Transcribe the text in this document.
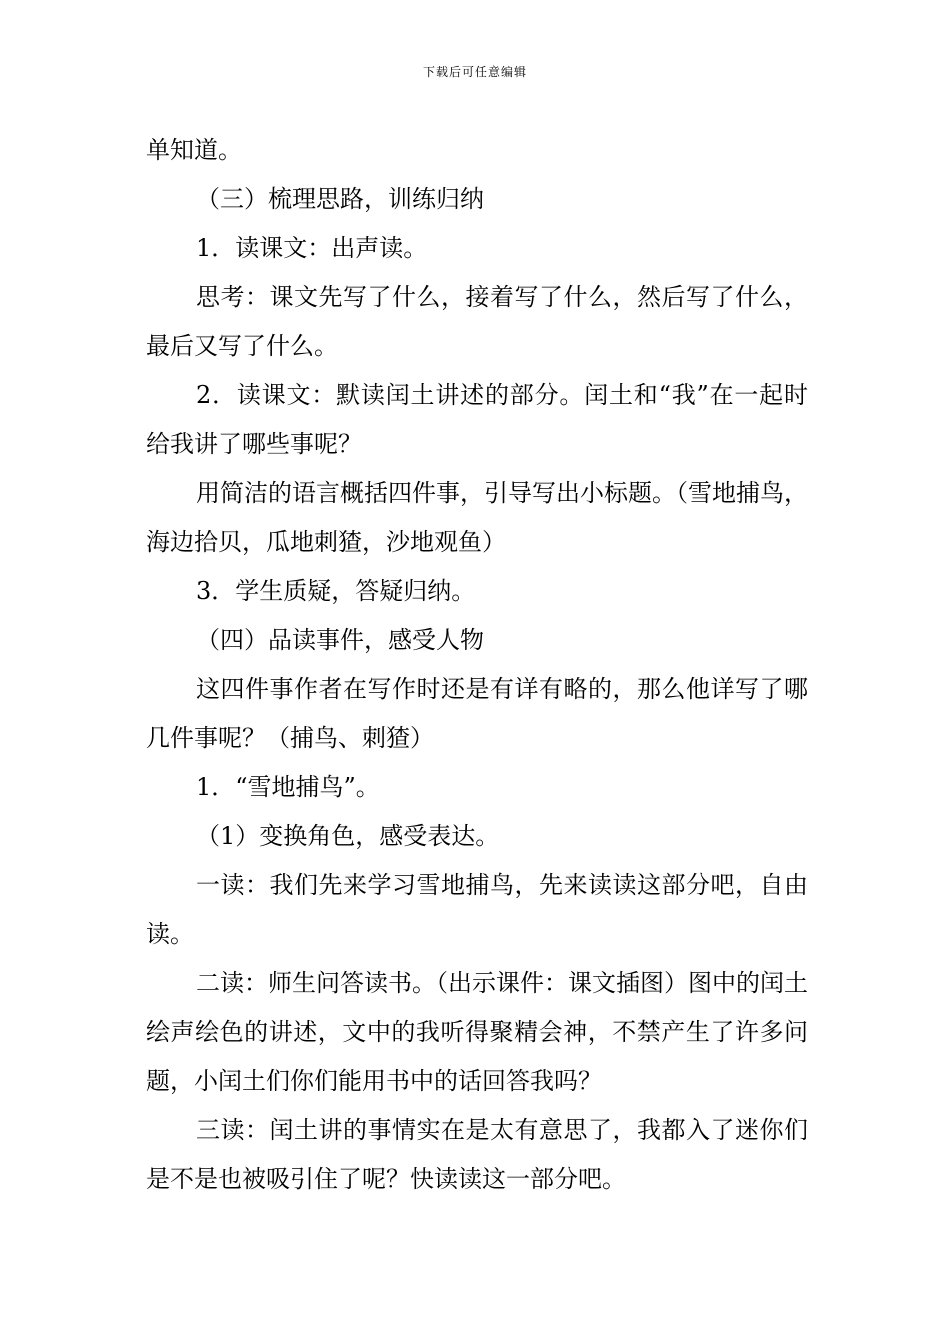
下载后可任意编辑

单知道。

（三）梳理思路，训练归纳

1．读课文：出声读。

思考：课文先写了什么，接着写了什么，然后写了什么，最后又写了什么。

2．读课文：默读闰土讲述的部分。闰土和“我”在一起时给我讲了哪些事呢？

用简洁的语言概括四件事，引导写出小标题。（雪地捕鸟，海边拾贝，瓜地刺猹，沙地观鱼）

3．学生质疑，答疑归纳。

（四）品读事件，感受人物

这四件事作者在写作时还是有详有略的，那么他详写了哪几件事呢？（捕鸟、刺猹）

1．“雪地捕鸟”。

（1）变换角色，感受表达。

一读：我们先来学习雪地捕鸟，先来读读这部分吧，自由读。

二读：师生问答读书。（出示课件：课文插图）图中的闰土绘声绘色的讲述，文中的我听得聚精会神，不禁产生了许多问题，小闰土们你们能用书中的话回答我吗？

三读：闰土讲的事情实在是太有意思了，我都入了迷你们是不是也被吸引住了呢？快读读这一部分吧。
